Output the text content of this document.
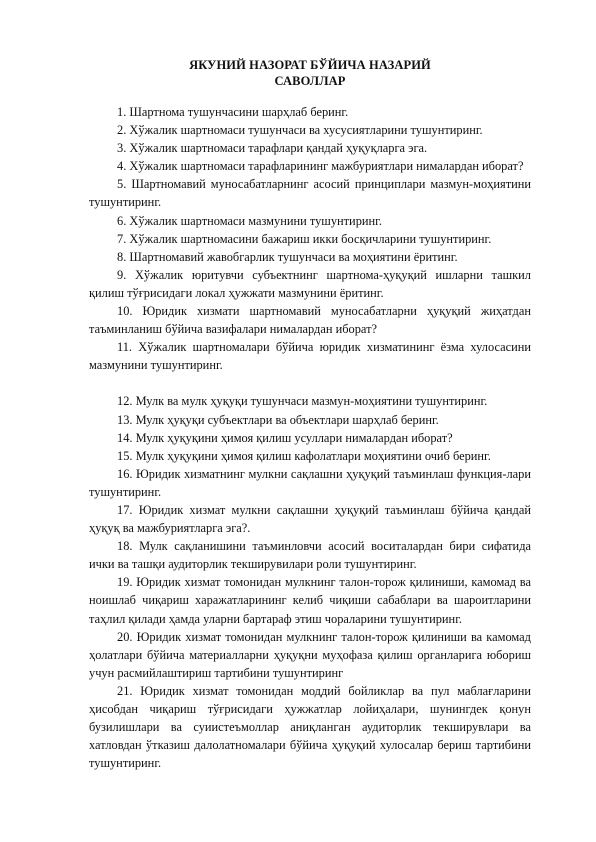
ЯКУНИЙ НАЗОРАТ БЎЙИЧА НАЗАРИЙ
САВОЛЛАР

1. Шартнома тушунчасини шарҳлаб беринг.

2. Хўжалик шартномаси тушунчаси ва хусусиятларини тушунтиринг.

3. Хўжалик шартномаси тарафлари қандай ҳуқуқларга эга.

4. Хўжалик шартномаси тарафларининг мажбуриятлари нималардан иборат?

5. Шартномавий муносабатларнинг асосий принциплари мазмун-моҳиятини тушунтиринг.

6. Хўжалик шартномаси мазмунини тушунтиринг.

7. Хўжалик шартномасини бажариш икки босқичларини тушунтиринг.

8. Шартномавий жавобгарлик тушунчаси ва моҳиятини ёритинг.

9. Хўжалик юритувчи субъектнинг шартнома-ҳуқуқий ишларни ташкил қилиш тўғрисидаги локал ҳужжати мазмунини ёритинг.

10. Юридик хизмати шартномавий муносабатларни ҳуқуқий жиҳатдан таъминланиш бўйича вазифалари нималардан иборат?

11. Хўжалик шартномалари бўйича юридик хизматининг ёзма хулосасини мазмунини тушунтиринг.

12. Мулк ва мулк ҳуқуқи тушунчаси мазмун-моҳиятини тушунтиринг.

13. Мулк ҳуқуқи субъектлари ва объектлари шарҳлаб беринг.

14. Мулк ҳуқуқини ҳимоя қилиш усуллари нималардан иборат?

15. Мулк ҳуқуқини ҳимоя қилиш кафолатлари моҳиятини очиб беринг.

16. Юридик хизматнинг мулкни сақлашни ҳуқуқий таъминлаш функция-лари тушунтиринг.

17. Юридик хизмат мулкни сақлашни ҳуқуқий таъминлаш бўйича қандай ҳуқуқ ва мажбуриятларга эга?.

18. Мулк сақланишини таъминловчи асосий воситалардан бири сифатида ички ва ташқи аудиторлик текширувилари роли тушунтиринг.

19. Юридик хизмат томонидан мулкнинг талон-торож қилиниши, камомад ва ноишлаб чиқариш харажатларининг келиб чиқиши сабаблари ва шароитларини таҳлил қилади ҳамда уларни бартараф этиш чораларини тушунтиринг.

20. Юридик хизмат томонидан мулкнинг талон-торож қилиниши ва камомад ҳолатлари бўйича материалларни ҳуқуқни муҳофаза қилиш органларига юбориш учун расмийлаштириш тартибини тушунтиринг

21. Юридик хизмат томонидан моддий бойликлар ва пул маблағларини ҳисобдан чиқариш тўғрисидаги ҳужжатлар лойиҳалари, шунингдек қонун бузилишлари ва суиистеъмоллар аниқланган аудиторлик текширувлари ва хатловдан ўтказиш далолатномалари бўйича ҳуқуқий хулосалар бериш тартибини тушунтиринг.
